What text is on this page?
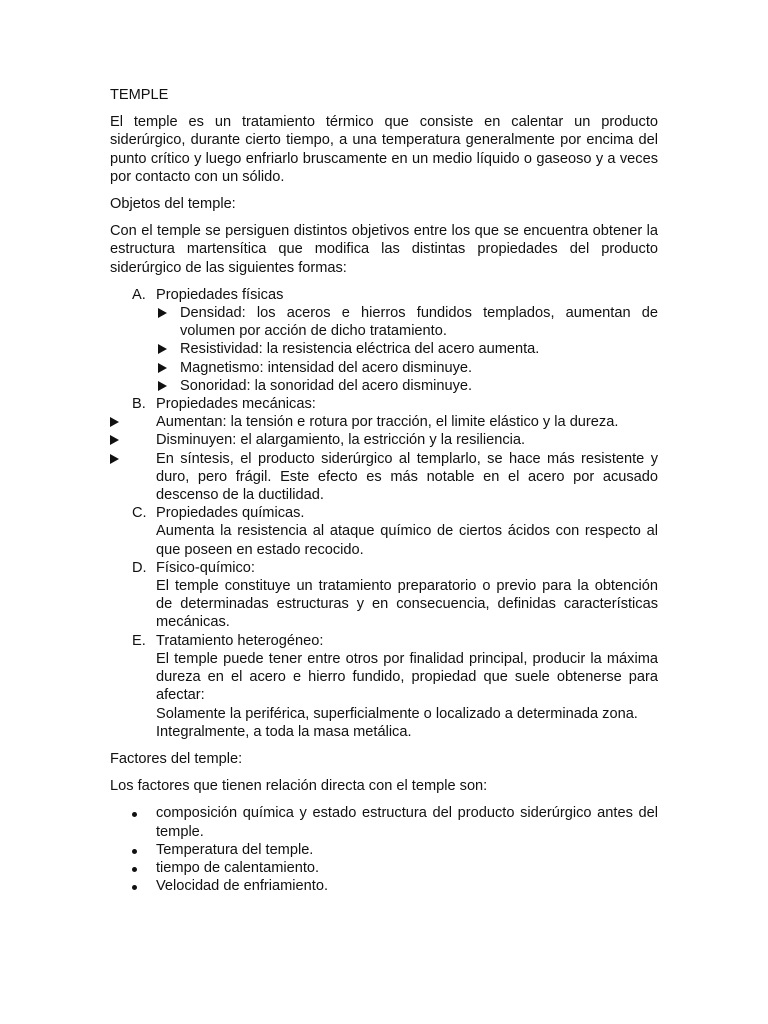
TEMPLE

El temple es un tratamiento térmico que consiste en calentar un producto siderúrgico, durante cierto tiempo, a una temperatura generalmente por encima del punto crítico y luego enfriarlo bruscamente en un medio líquido o gaseoso y a veces por contacto con un sólido.

Objetos del temple:

Con el temple se persiguen distintos objetivos entre los que se encuentra obtener la estructura martensítica que modifica las distintas propiedades del producto siderúrgico de las siguientes formas:

A. Propiedades físicas

Densidad: los aceros e hierros fundidos templados, aumentan de volumen por acción de dicho tratamiento.

Resistividad: la resistencia eléctrica del acero aumenta.

Magnetismo: intensidad del acero disminuye.

Sonoridad: la sonoridad del acero disminuye.

B. Propiedades mecánicas:

Aumentan: la tensión e rotura por tracción, el limite elástico y la dureza.

Disminuyen: el alargamiento, la estricción y la resiliencia.

En síntesis, el producto siderúrgico al templarlo, se hace más resistente y duro, pero frágil. Este efecto es más notable en el acero por acusado descenso de la ductilidad.

C. Propiedades químicas.

Aumenta la resistencia al ataque químico de ciertos ácidos con respecto al que poseen en estado recocido.

D. Físico-químico:

El temple constituye un tratamiento preparatorio o previo para la obtención de determinadas estructuras y en consecuencia, definidas características mecánicas.

E. Tratamiento heterogéneo:

El temple puede tener entre otros por finalidad principal, producir la máxima dureza en el acero e hierro fundido, propiedad que suele obtenerse para afectar:

Solamente la periférica, superficialmente o localizado a determinada zona.

Integralmente, a toda la masa metálica.

Factores del temple:

Los factores que tienen relación directa con el temple son:

composición química y estado estructura del producto siderúrgico antes del temple.

Temperatura del temple.

tiempo de calentamiento.

Velocidad de enfriamiento.
